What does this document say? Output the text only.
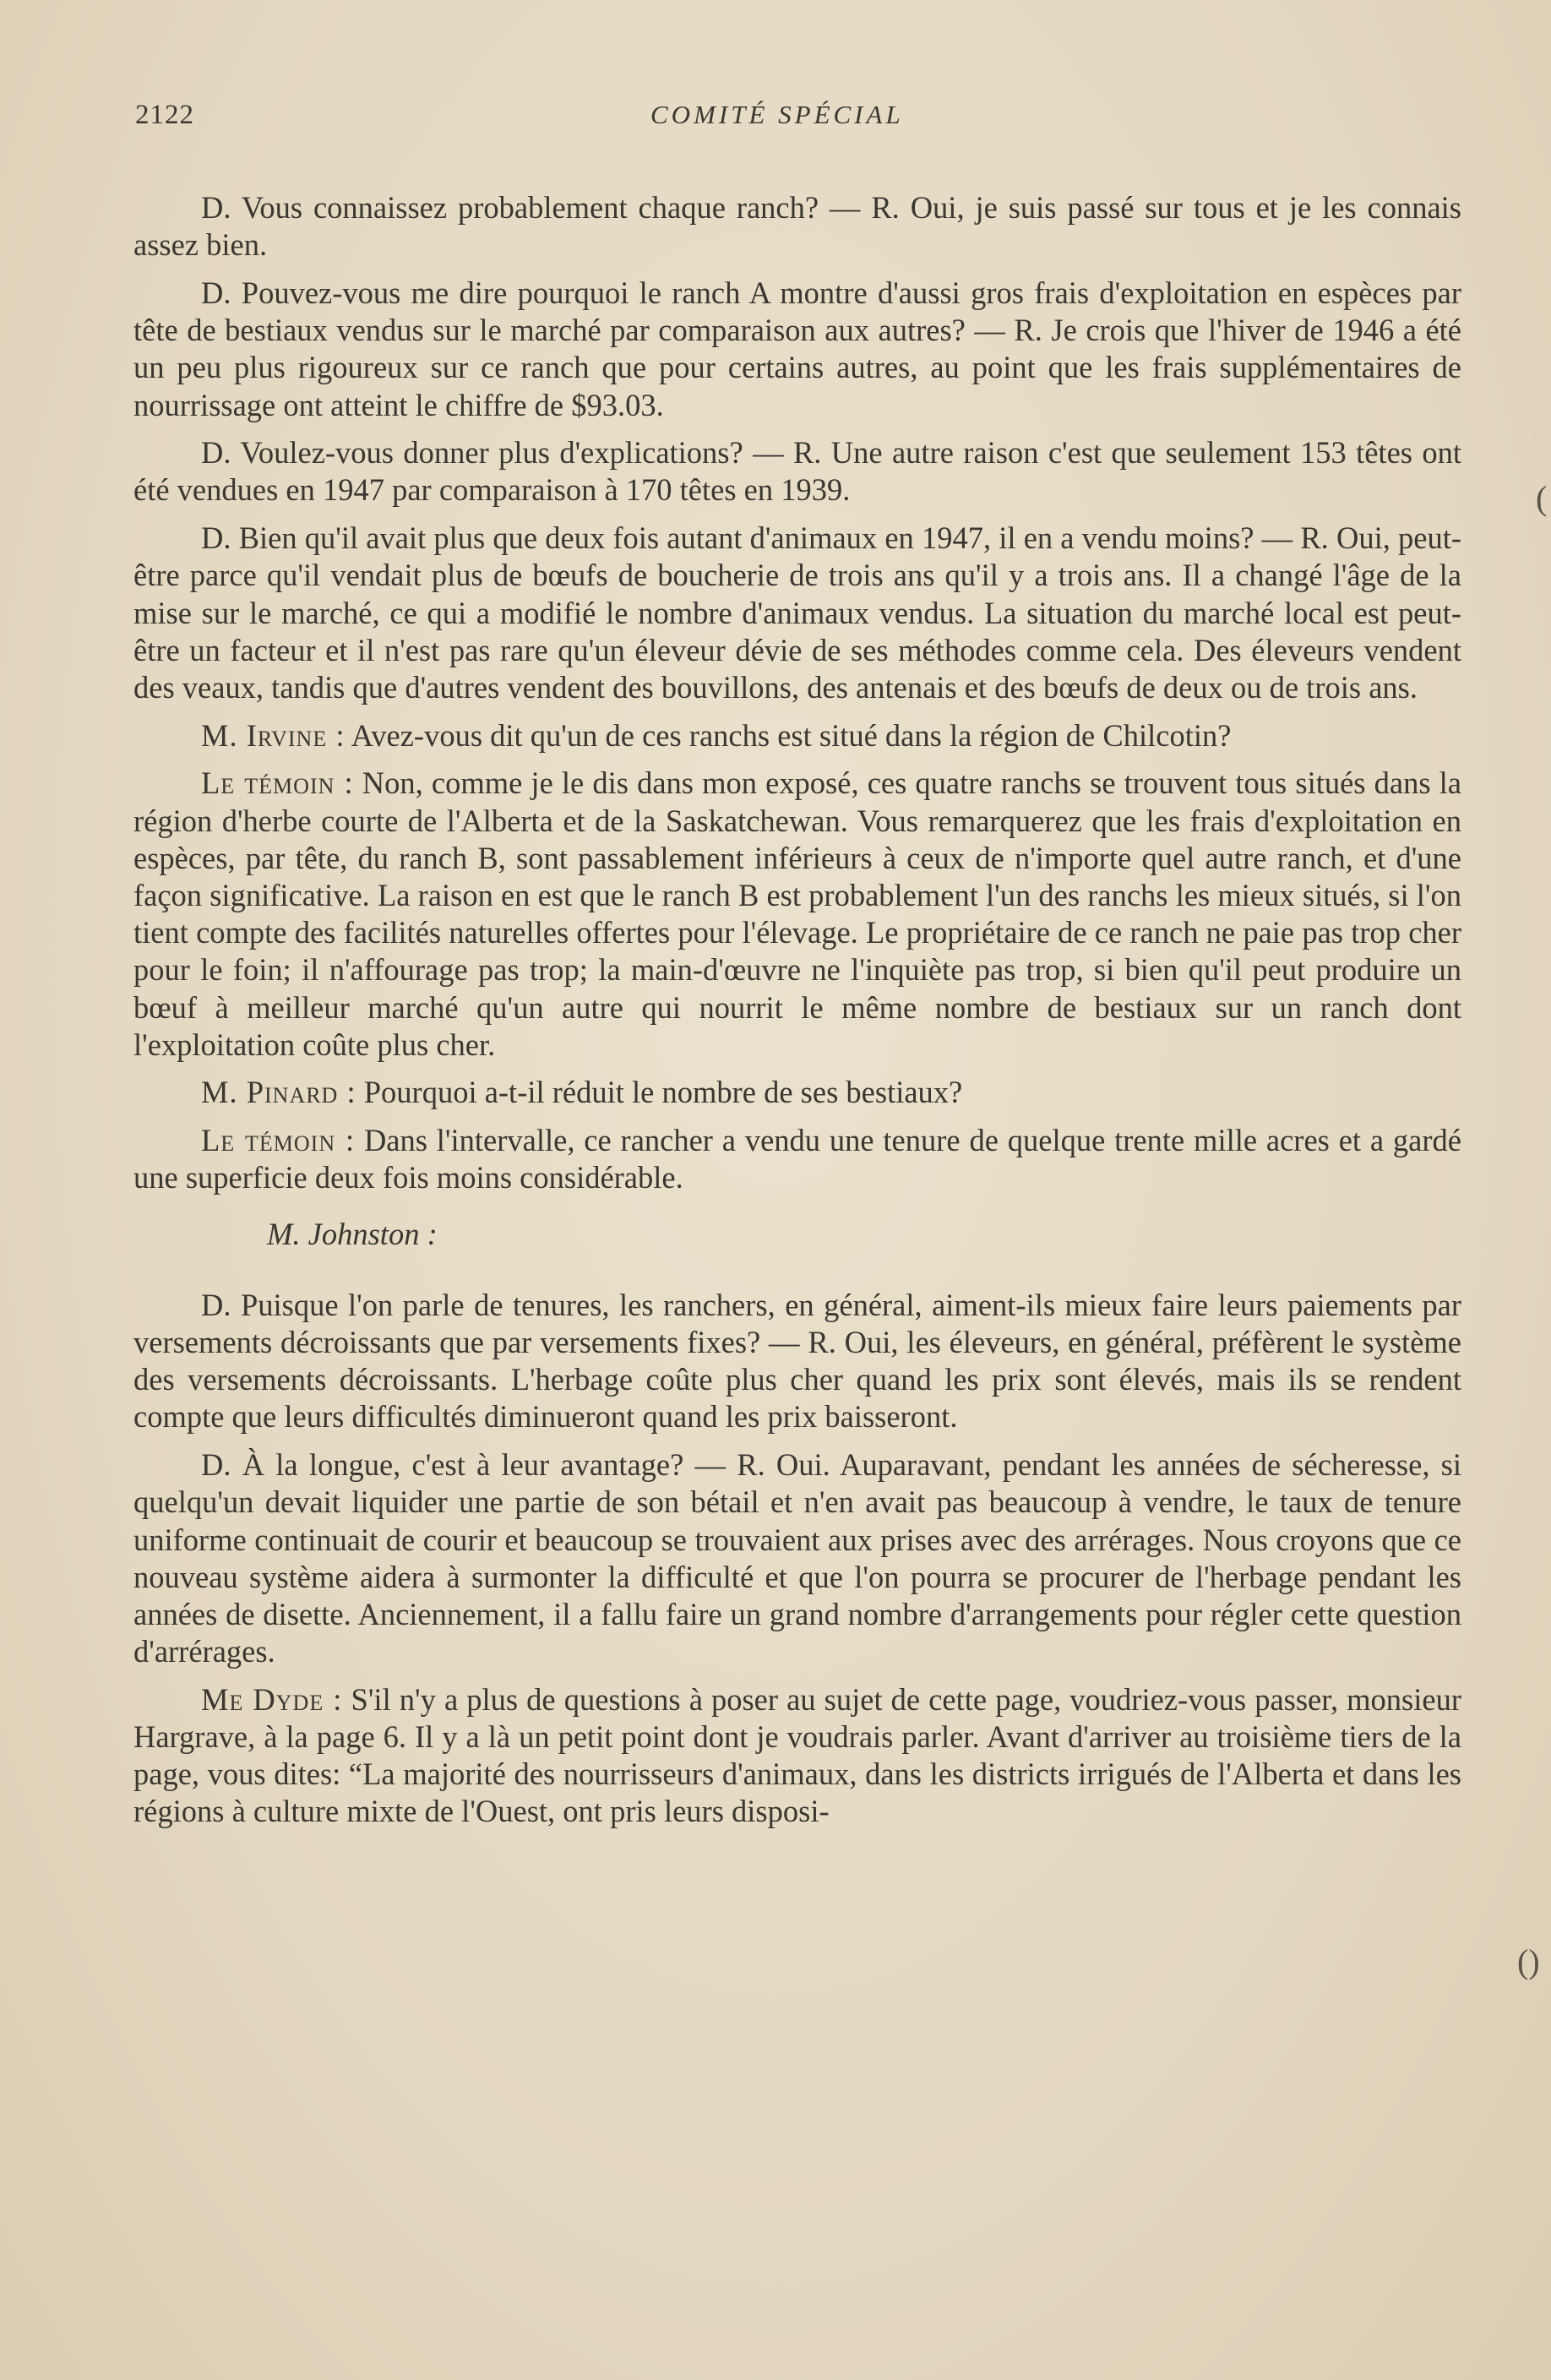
2122	COMITÉ SPÉCIAL

D. Vous connaissez probablement chaque ranch? — R. Oui, je suis passé sur tous et je les connais assez bien.

D. Pouvez-vous me dire pourquoi le ranch A montre d'aussi gros frais d'exploitation en espèces par tête de bestiaux vendus sur le marché par comparaison aux autres? — R. Je crois que l'hiver de 1946 a été un peu plus rigoureux sur ce ranch que pour certains autres, au point que les frais supplémentaires de nourrissage ont atteint le chiffre de $93.03.

D. Voulez-vous donner plus d'explications? — R. Une autre raison c'est que seulement 153 têtes ont été vendues en 1947 par comparaison à 170 têtes en 1939.

D. Bien qu'il avait plus que deux fois autant d'animaux en 1947, il en a vendu moins? — R. Oui, peut-être parce qu'il vendait plus de bœufs de boucherie de trois ans qu'il y a trois ans. Il a changé l'âge de la mise sur le marché, ce qui a modifié le nombre d'animaux vendus. La situation du marché local est peut-être un facteur et il n'est pas rare qu'un éleveur dévie de ses méthodes comme cela. Des éleveurs vendent des veaux, tandis que d'autres vendent des bouvillons, des antenais et des bœufs de deux ou de trois ans.

M. Irvine : Avez-vous dit qu'un de ces ranchs est situé dans la région de Chilcotin?

Le témoin : Non, comme je le dis dans mon exposé, ces quatre ranchs se trouvent tous situés dans la région d'herbe courte de l'Alberta et de la Saskatchewan. Vous remarquerez que les frais d'exploitation en espèces, par tête, du ranch B, sont passablement inférieurs à ceux de n'importe quel autre ranch, et d'une façon significative. La raison en est que le ranch B est probablement l'un des ranchs les mieux situés, si l'on tient compte des facilités naturelles offertes pour l'élevage. Le propriétaire de ce ranch ne paie pas trop cher pour le foin; il n'affourage pas trop; la main-d'œuvre ne l'inquiète pas trop, si bien qu'il peut produire un bœuf à meilleur marché qu'un autre qui nourrit le même nombre de bestiaux sur un ranch dont l'exploitation coûte plus cher.

M. Pinard : Pourquoi a-t-il réduit le nombre de ses bestiaux?

Le témoin : Dans l'intervalle, ce rancher a vendu une tenure de quelque trente mille acres et a gardé une superficie deux fois moins considérable.

M. Johnston :

D. Puisque l'on parle de tenures, les ranchers, en général, aiment-ils mieux faire leurs paiements par versements décroissants que par versements fixes? — R. Oui, les éleveurs, en général, préfèrent le système des versements décroissants. L'herbage coûte plus cher quand les prix sont élevés, mais ils se rendent compte que leurs difficultés diminueront quand les prix baisseront.

D. À la longue, c'est à leur avantage? — R. Oui. Auparavant, pendant les années de sécheresse, si quelqu'un devait liquider une partie de son bétail et n'en avait pas beaucoup à vendre, le taux de tenure uniforme continuait de courir et beaucoup se trouvaient aux prises avec des arrérages. Nous croyons que ce nouveau système aidera à surmonter la difficulté et que l'on pourra se procurer de l'herbage pendant les années de disette. Anciennement, il a fallu faire un grand nombre d'arrangements pour régler cette question d'arrérages.

Me Dyde : S'il n'y a plus de questions à poser au sujet de cette page, voudriez-vous passer, monsieur Hargrave, à la page 6. Il y a là un petit point dont je voudrais parler. Avant d'arriver au troisième tiers de la page, vous dites: “La majorité des nourrisseurs d'animaux, dans les districts irrigués de l'Alberta et dans les régions à culture mixte de l'Ouest, ont pris leurs disposi-

(
()
